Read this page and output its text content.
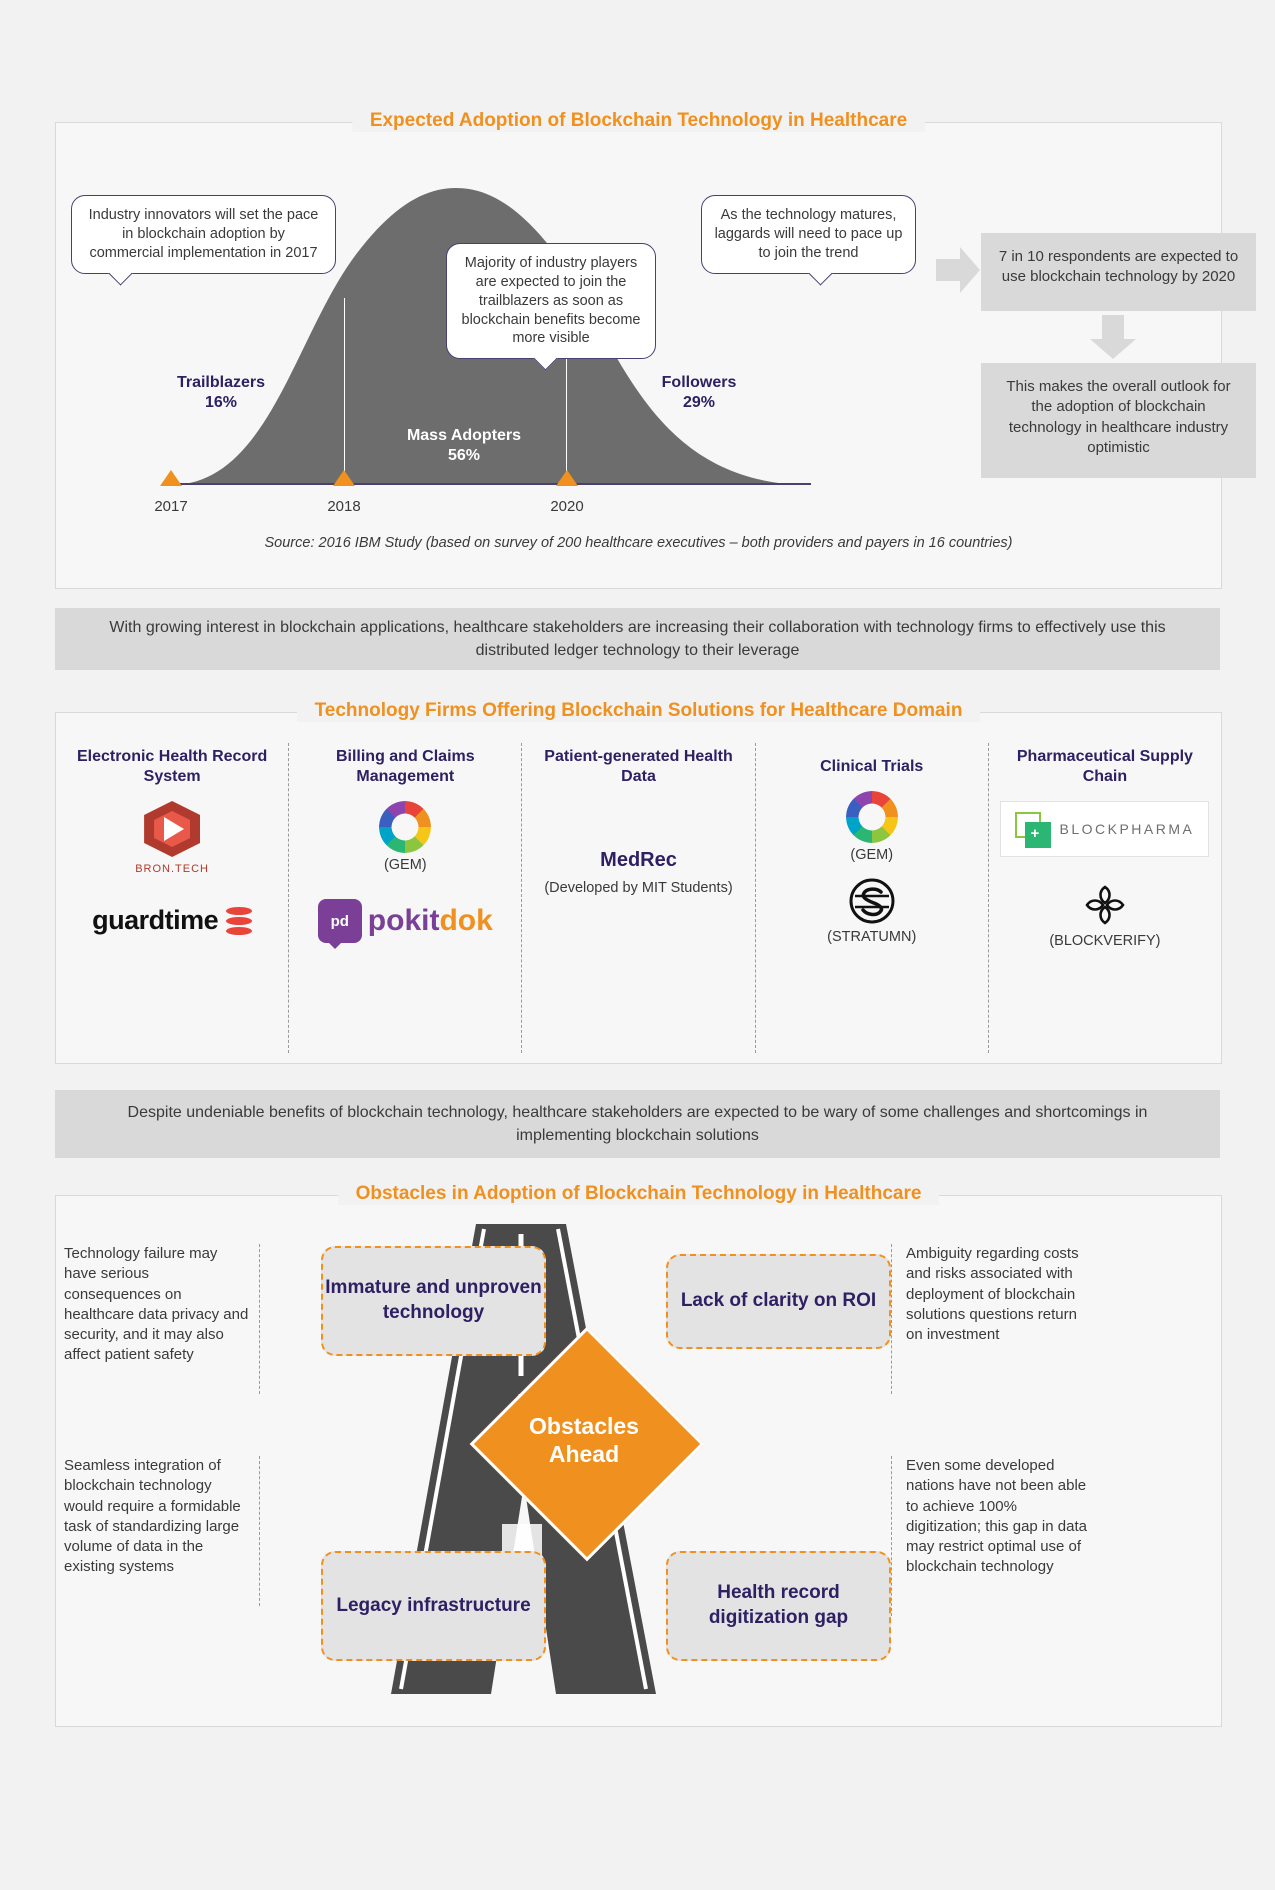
Expected Adoption of Blockchain Technology in Healthcare
2017	2018	2020
Trailblazers
16%
Mass Adopters
56%
Followers
29%
Industry innovators will set the pace in blockchain adoption by commercial implementation in 2017
Majority of industry players are expected to join the trailblazers as soon as blockchain benefits become more visible
As the technology matures, laggards will need to pace up to join the trend	7 in 10 respondents are expected to use blockchain technology by 2020
This makes the overall outlook for the adoption of blockchain technology in healthcare industry optimistic
Source: 2016 IBM Study (based on survey of 200 healthcare executives – both providers and payers in 16 countries)
With growing interest in blockchain applications, healthcare stakeholders are increasing their collaboration with technology firms to effectively use this distributed ledger technology to their leverage
Technology Firms Offering Blockchain Solutions for Healthcare Domain
Electronic Health Record System
BRON.TECH
guardtime
Billing and Claims Management
(GEM)
pd pokit dok
Patient-generated Health Data
MedRec
(Developed by MIT Students)
Clinical Trials
(GEM)
(STRATUMN)
Pharmaceutical Supply Chain
+ BLOCKPHARMA
(BLOCKVERIFY)
Despite undeniable benefits of blockchain technology, healthcare stakeholders are expected to be wary of some challenges and shortcomings in implementing blockchain solutions
Obstacles in Adoption of Blockchain Technology in Healthcare
Immature and unproven technology
Lack of clarity on ROI
Legacy infrastructure
Health record digitization gap
Obstacles Ahead
Technology failure may have serious consequences on healthcare data privacy and security, and it may also affect patient safety
Seamless integration of blockchain technology would require a formidable task of standardizing large volume of data in the existing systems
Ambiguity regarding costs and risks associated with deployment of blockchain solutions questions return on investment
Even some developed nations have not been able to achieve 100% digitization; this gap in data may restrict optimal use of blockchain technology
